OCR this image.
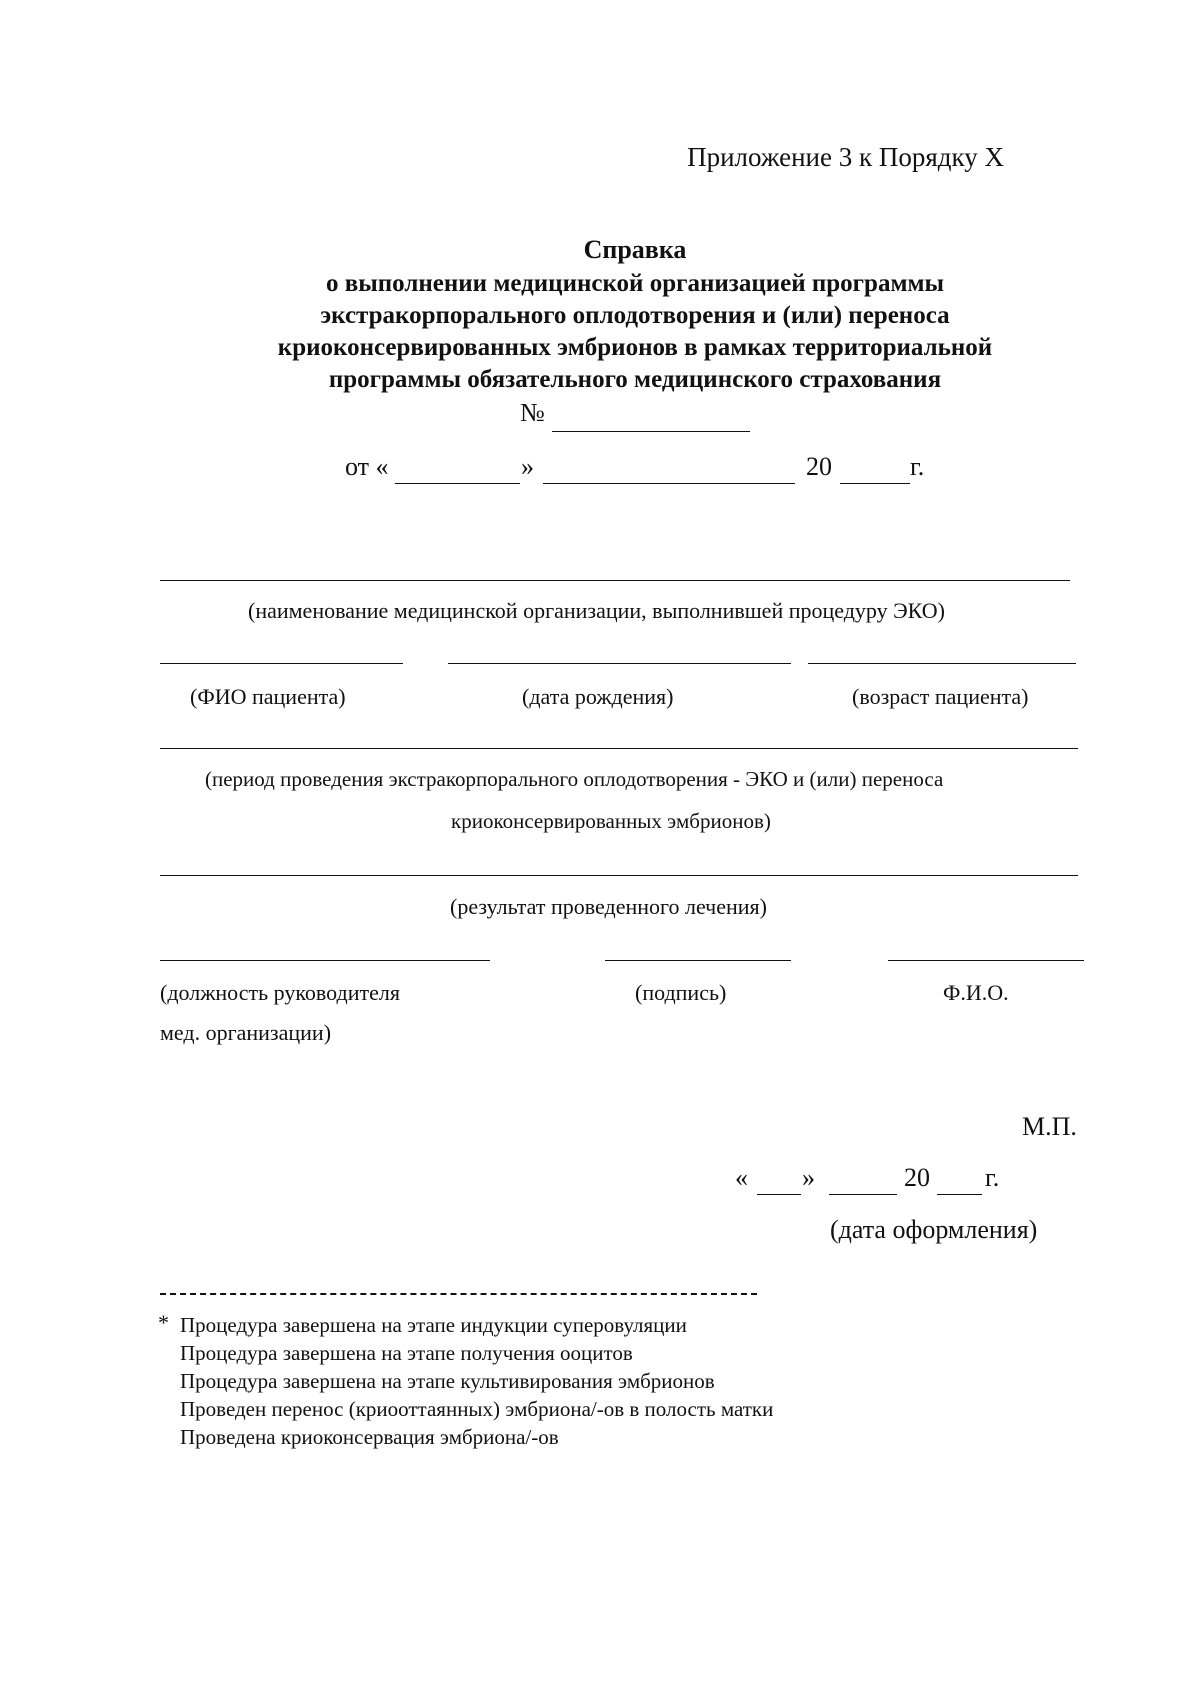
Приложение 3 к Порядку X
Справка
о выполнении медицинской организацией программы
экстракорпорального оплодотворения и (или) переноса
криоконсервированных эмбрионов в рамках территориальной
программы обязательного медицинского страхования
№
от «	»	20	г.
(наименование медицинской организации, выполнившей процедуру ЭКО)
(ФИО пациента)	(дата рождения)	(возраст пациента)
(период проведения экстракорпорального оплодотворения - ЭКО и (или) переноса
криоконсервированных эмбрионов)
(результат проведенного лечения)
(должность руководителя
мед. организации)
(подпись)	Ф.И.О.
М.П.
« »	20 г.
(дата оформления)
* Процедура завершена на этапе индукции суперовуляции
Процедура завершена на этапе получения ооцитов
Процедура завершена на этапе культивирования эмбрионов
Проведен перенос (криооттаянных) эмбриона/-ов в полость матки
Проведена криоконсервация эмбриона/-ов
